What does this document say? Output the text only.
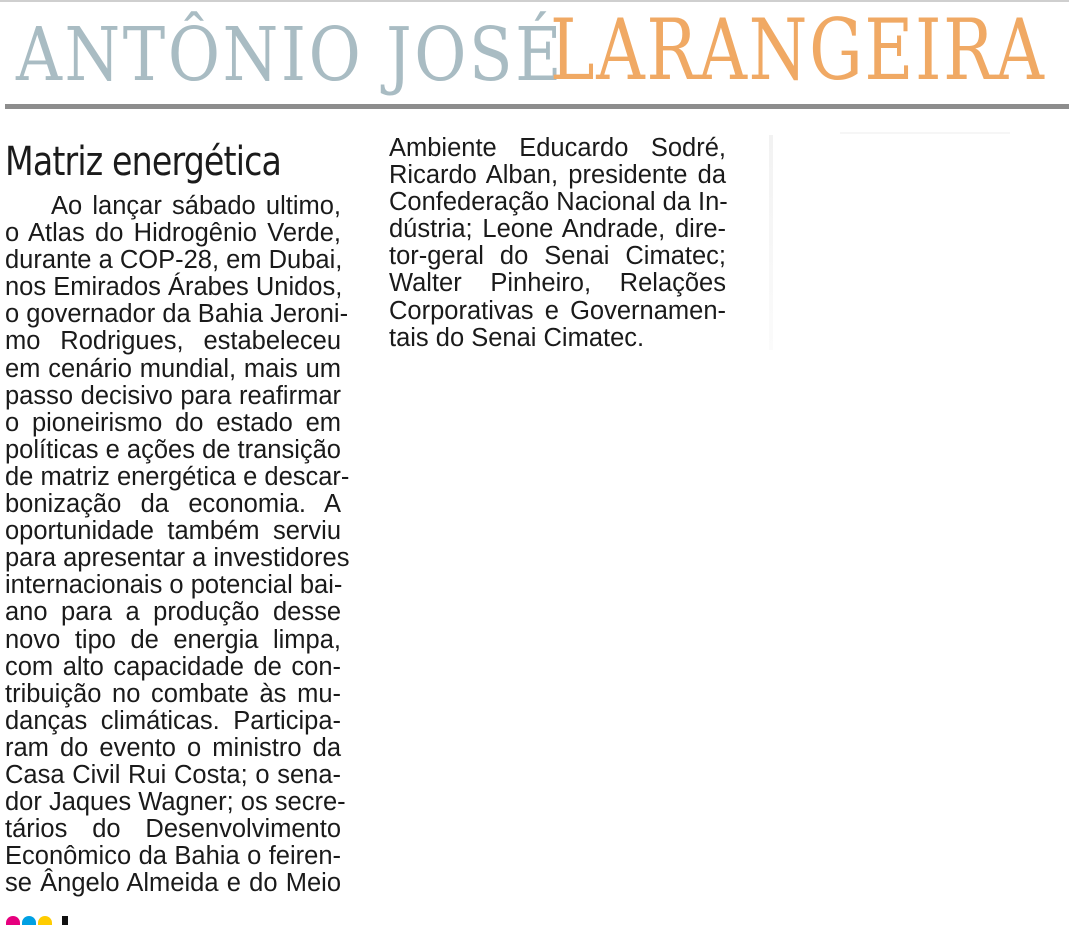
ANTÔNIO JOSÉ
LARANGEIRA
Matriz energética
Ao lançar sábado ultimo,
o Atlas do Hidrogênio Verde,
durante a COP-28, em Dubai,
nos Emirados Árabes Unidos,
o governador da Bahia Jeroni-
mo Rodrigues, estabeleceu
em cenário mundial, mais um
passo decisivo para reafirmar
o pioneirismo do estado em
políticas e ações de transição
de matriz energética e descar-
bonização da economia. A
oportunidade também serviu
para apresentar a investidores
internacionais o potencial bai-
ano para a produção desse
novo tipo de energia limpa,
com alto capacidade de con-
tribuição no combate às mu-
danças climáticas. Participa-
ram do evento o ministro da
Casa Civil Rui Costa; o sena-
dor Jaques Wagner; os secre-
tários do Desenvolvimento
Econômico da Bahia o feiren-
se Ângelo Almeida e do Meio
Ambiente Educardo Sodré,
Ricardo Alban, presidente da
Confederação Nacional da In-
dústria; Leone Andrade, dire-
tor-geral do Senai Cimatec;
Walter Pinheiro, Relações
Corporativas e Governamen-
tais do Senai Cimatec.
